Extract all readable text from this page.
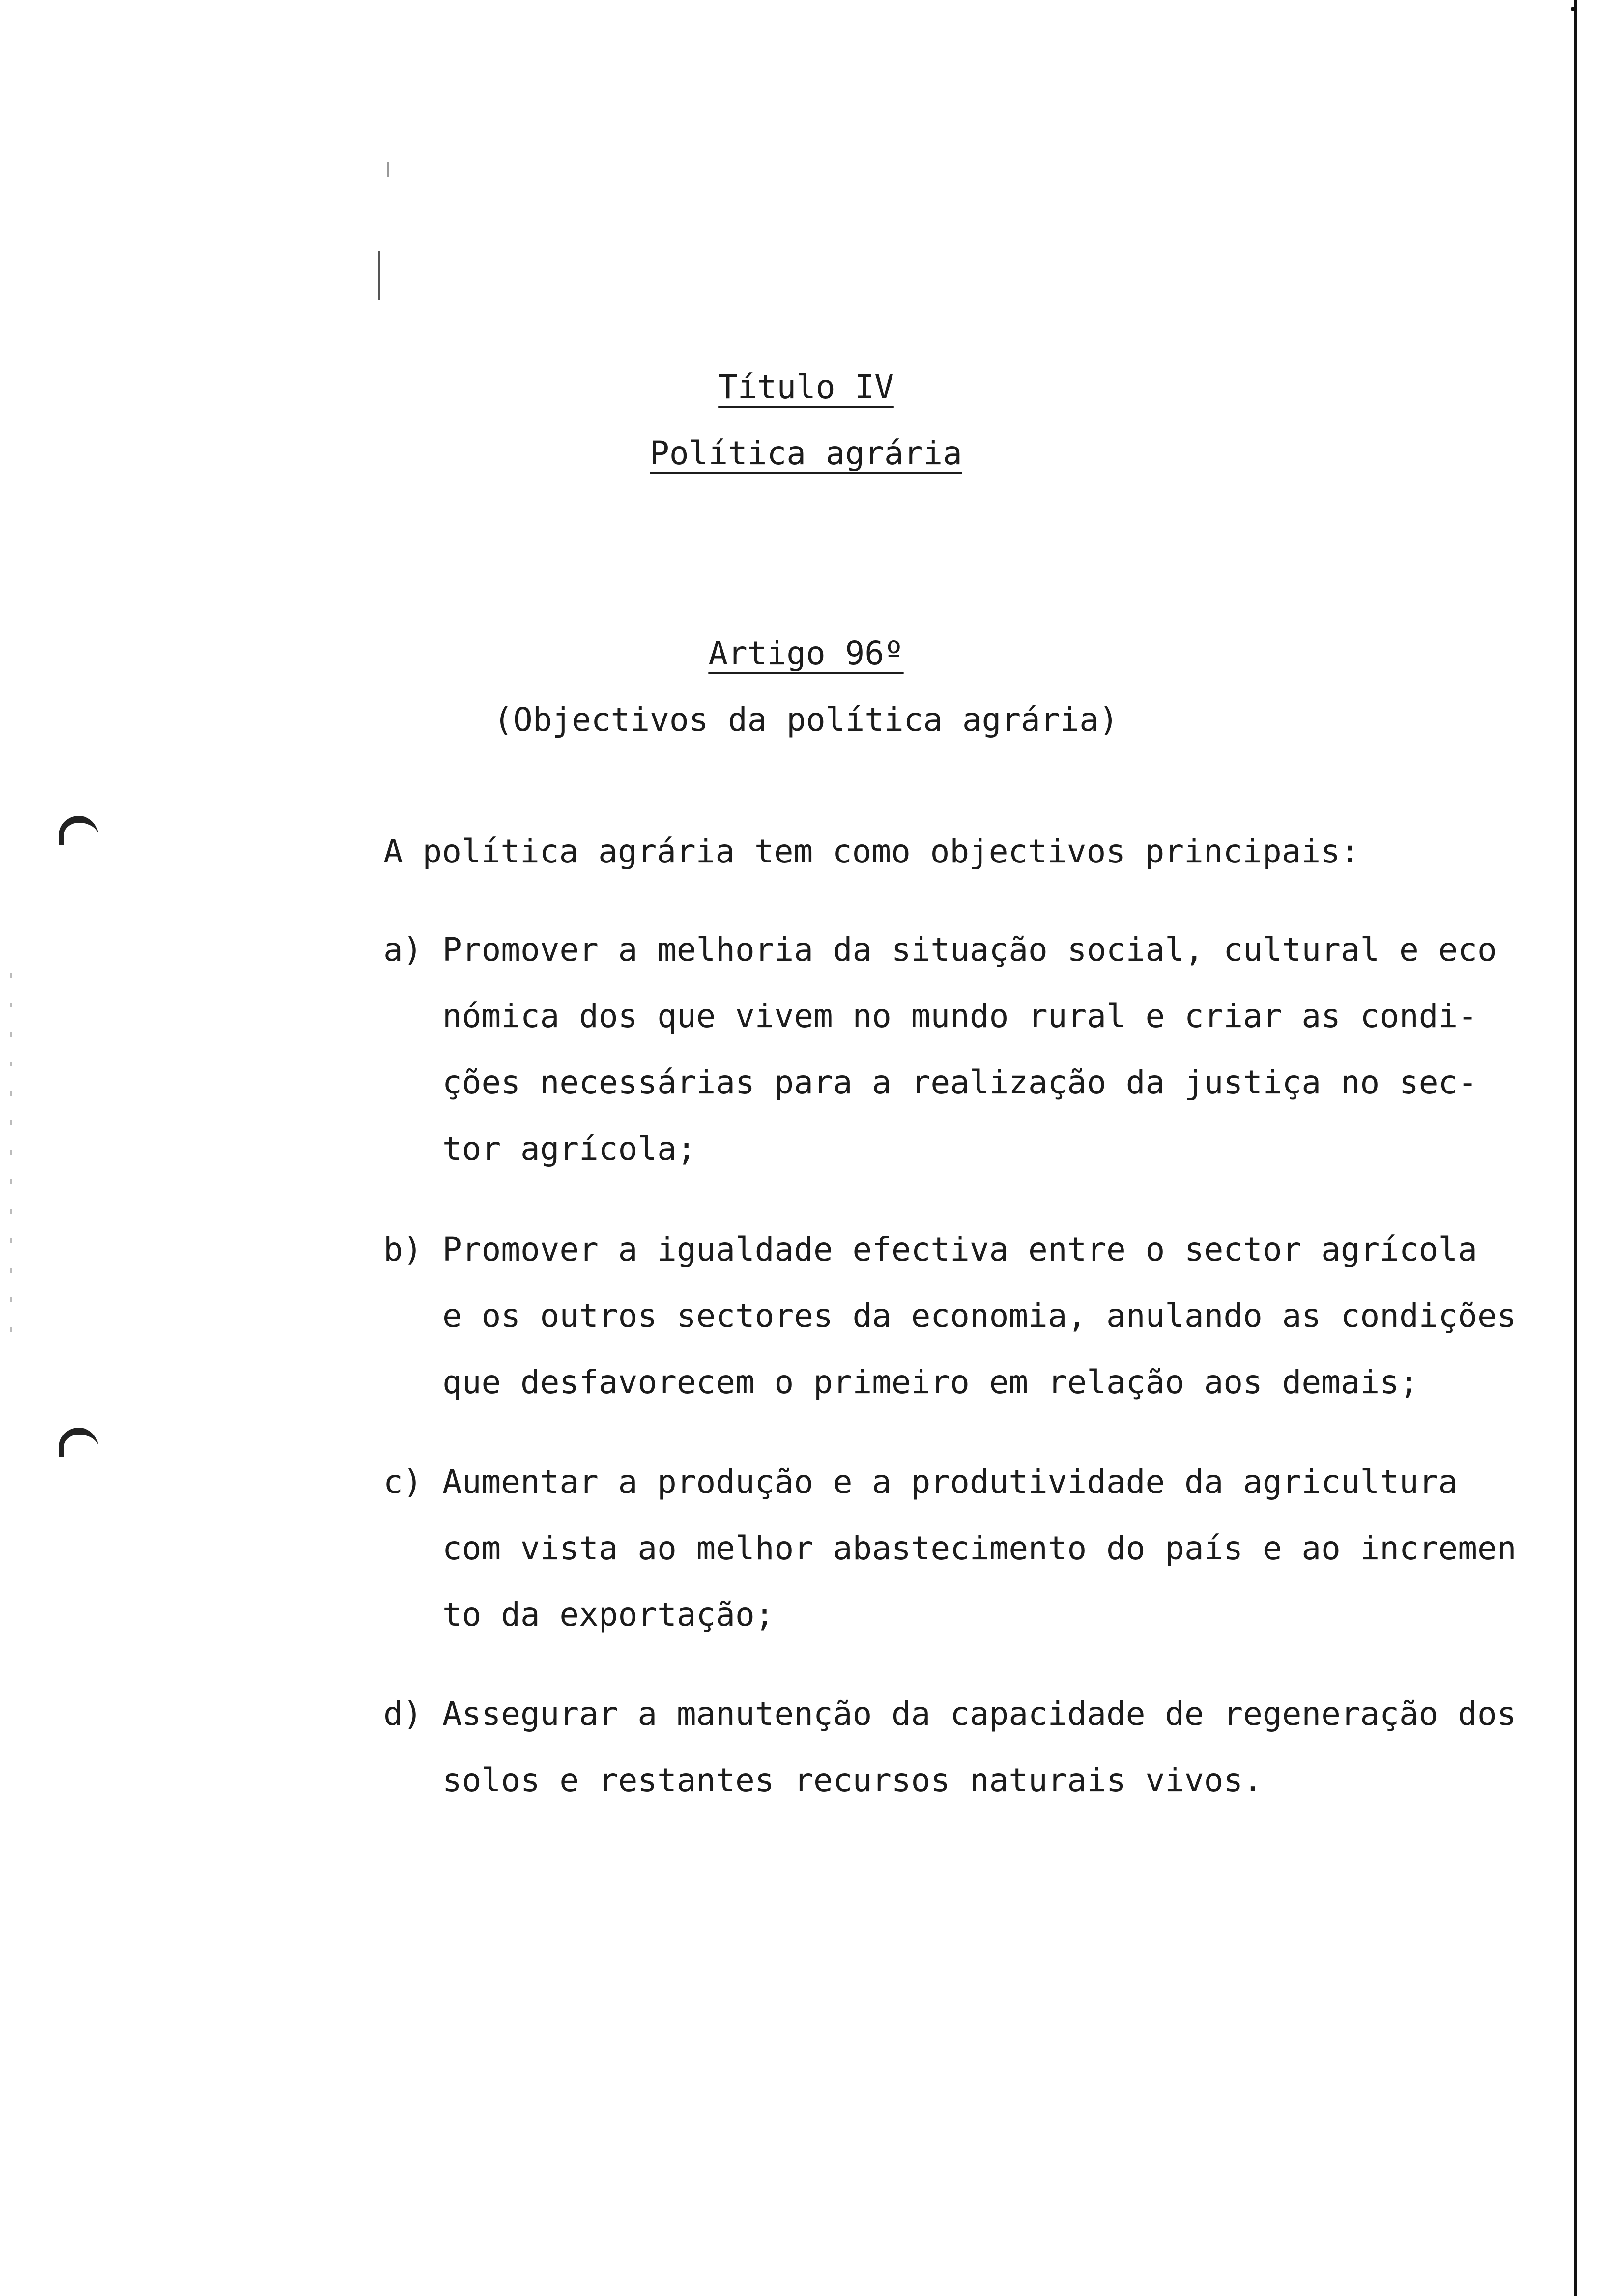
Título IV
Política agrária
Artigo 96º
(Objectivos da política agrária)

A política agrária tem como objectivos principais:

a) Promover a melhoria da situação social, cultural e eco

nómica dos que vivem no mundo rural e criar as condi-

ções necessárias para a realização da justiça no sec-

tor agrícola;

b) Promover a igualdade efectiva entre o sector agrícola

e os outros sectores da economia, anulando as condições

que desfavorecem o primeiro em relação aos demais;

c) Aumentar a produção e a produtividade da agricultura

com vista ao melhor abastecimento do país e ao incremen

to da exportação;

d) Assegurar a manutenção da capacidade de regeneração dos

solos e restantes recursos naturais vivos.
